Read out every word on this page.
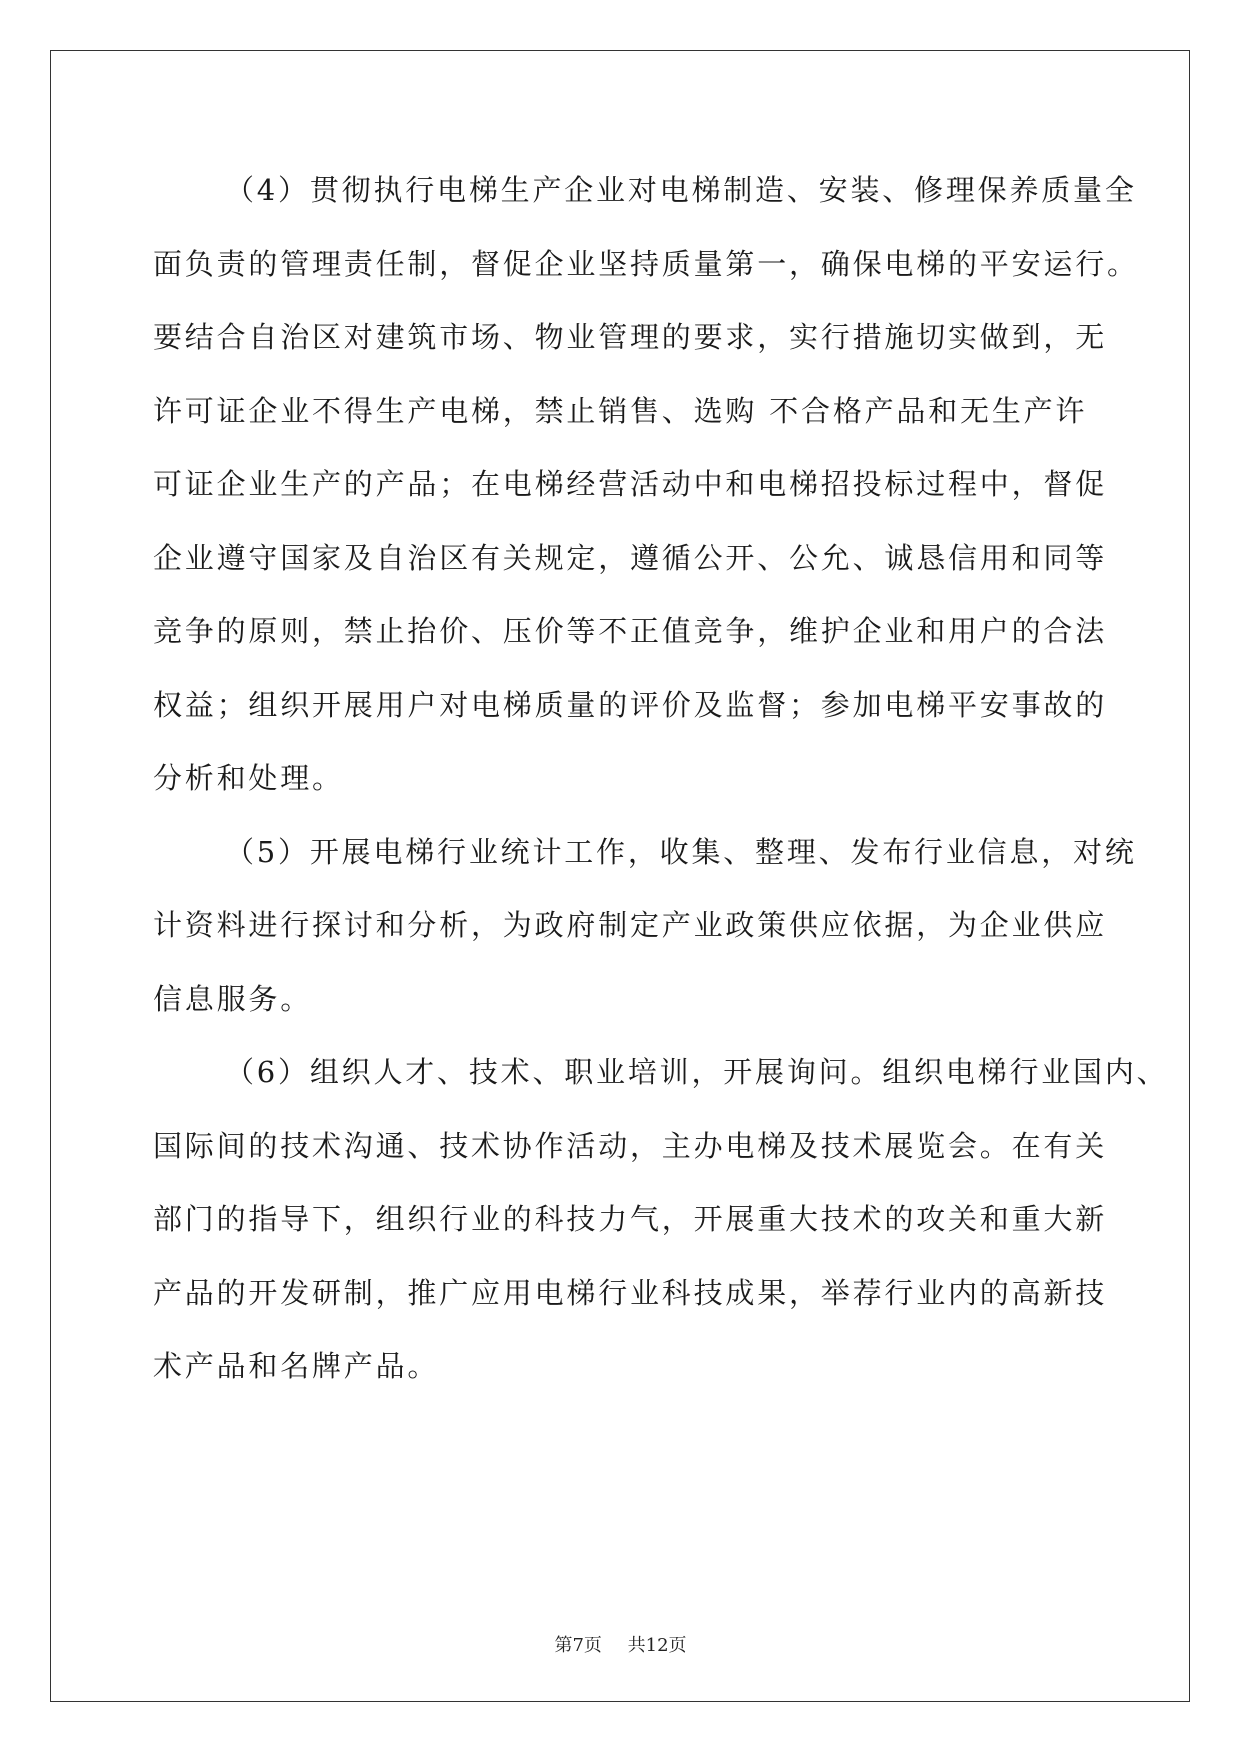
（4）贯彻执行电梯生产企业对电梯制造、安装、修理保养质量全
面负责的管理责任制，督促企业坚持质量第一，确保电梯的平安运行。
要结合自治区对建筑市场、物业管理的要求，实行措施切实做到，无
许可证企业不得生产电梯，禁止销售、选购 不合格产品和无生产许
可证企业生产的产品；在电梯经营活动中和电梯招投标过程中，督促
企业遵守国家及自治区有关规定，遵循公开、公允、诚恳信用和同等
竞争的原则，禁止抬价、压价等不正值竞争，维护企业和用户的合法
权益；组织开展用户对电梯质量的评价及监督；参加电梯平安事故的
分析和处理。
（5）开展电梯行业统计工作，收集、整理、发布行业信息，对统
计资料进行探讨和分析，为政府制定产业政策供应依据，为企业供应
信息服务。
（6）组织人才、技术、职业培训，开展询问。组织电梯行业国内、
国际间的技术沟通、技术协作活动，主办电梯及技术展览会。在有关
部门的指导下，组织行业的科技力气，开展重大技术的攻关和重大新
产品的开发研制，推广应用电梯行业科技成果，举荐行业内的高新技
术产品和名牌产品。
第7页 共12页
